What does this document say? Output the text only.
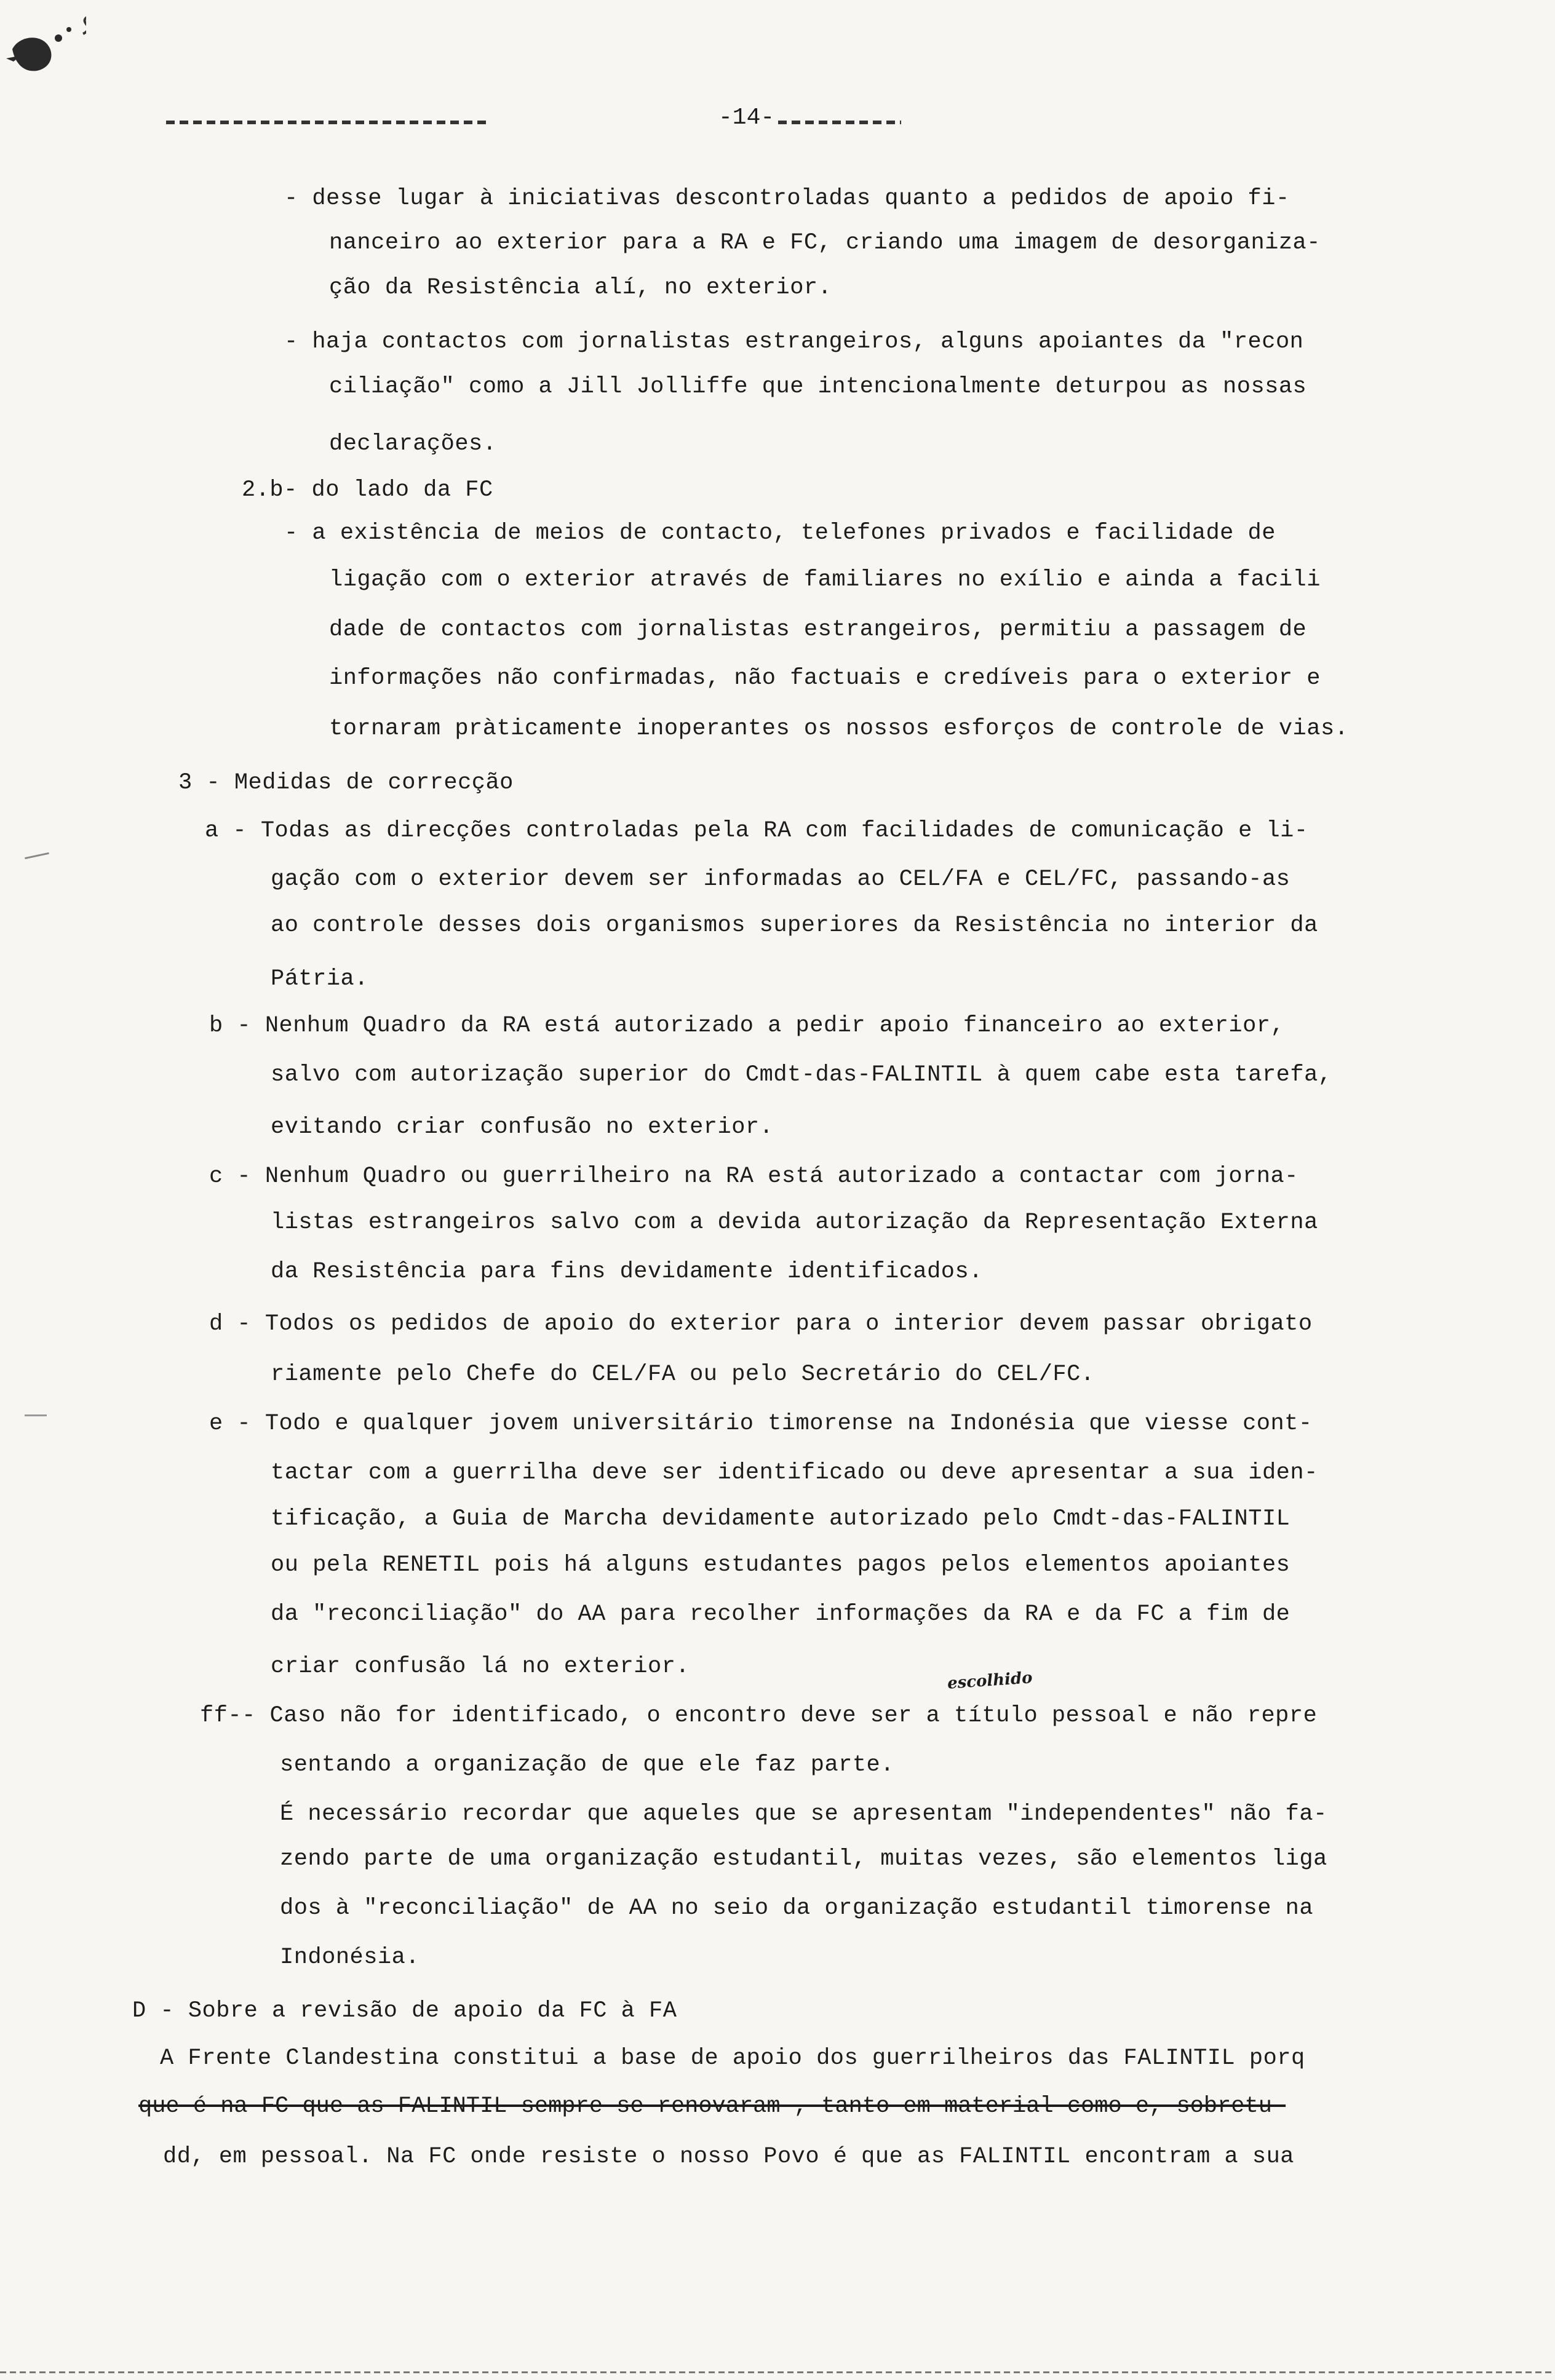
-14-
- desse lugar à iniciativas descontroladas quanto a pedidos de apoio fi-
nanceiro ao exterior para a RA e FC, criando uma imagem de desorganiza-
ção da Resistência alí, no exterior.
- haja contactos com jornalistas estrangeiros, alguns apoiantes da "recon
ciliação" como a Jill Jolliffe que intencionalmente deturpou as nossas
declarações.
2.b- do lado da FC
- a existência de meios de contacto, telefones privados e facilidade de
ligação com o exterior através de familiares no exílio e ainda a facili
dade de contactos com jornalistas estrangeiros, permitiu a passagem de
informações não confirmadas, não factuais e credíveis para o exterior e
tornaram pràticamente inoperantes os nossos esforços de controle de vias.
3 - Medidas de correcção
a - Todas as direcções controladas pela RA com facilidades de comunicação e li-
gação com o exterior devem ser informadas ao CEL/FA e CEL/FC, passando-as
ao controle desses dois organismos superiores da Resistência no interior da
Pátria.
b - Nenhum Quadro da RA está autorizado a pedir apoio financeiro ao exterior,
salvo com autorização superior do Cmdt-das-FALINTIL à quem cabe esta tarefa,
evitando criar confusão no exterior.
c - Nenhum Quadro ou guerrilheiro na RA está autorizado a contactar com jorna-
listas estrangeiros salvo com a devida autorização da Representação Externa
da Resistência para fins devidamente identificados.
d - Todos os pedidos de apoio do exterior para o interior devem passar obrigato
riamente pelo Chefe do CEL/FA ou pelo Secretário do CEL/FC.
e - Todo e qualquer jovem universitário timorense na Indonésia que viesse cont-
tactar com a guerrilha deve ser identificado ou deve apresentar a sua iden-
tificação, a Guia de Marcha devidamente autorizado pelo Cmdt-das-FALINTIL
ou pela RENETIL pois há alguns estudantes pagos pelos elementos apoiantes
da "reconciliação" do AA para recolher informações da RA e da FC a fim de
criar confusão lá no exterior.
escolhido
ff-- Caso não for identificado, o encontro deve ser a título pessoal e não repre
sentando a organização de que ele faz parte.
É necessário recordar que aqueles que se apresentam "independentes" não fa-
zendo parte de uma organização estudantil, muitas vezes, são elementos liga
dos à "reconciliação" de AA no seio da organização estudantil timorense na
Indonésia.
D - Sobre a revisão de apoio da FC à FA
A Frente Clandestina constitui a base de apoio dos guerrilheiros das FALINTIL porq
que é na FC que as FALINTIL sempre se renovaram , tanto em material como e, sobretu-
dd, em pessoal. Na FC onde resiste o nosso Povo é que as FALINTIL encontram a sua
